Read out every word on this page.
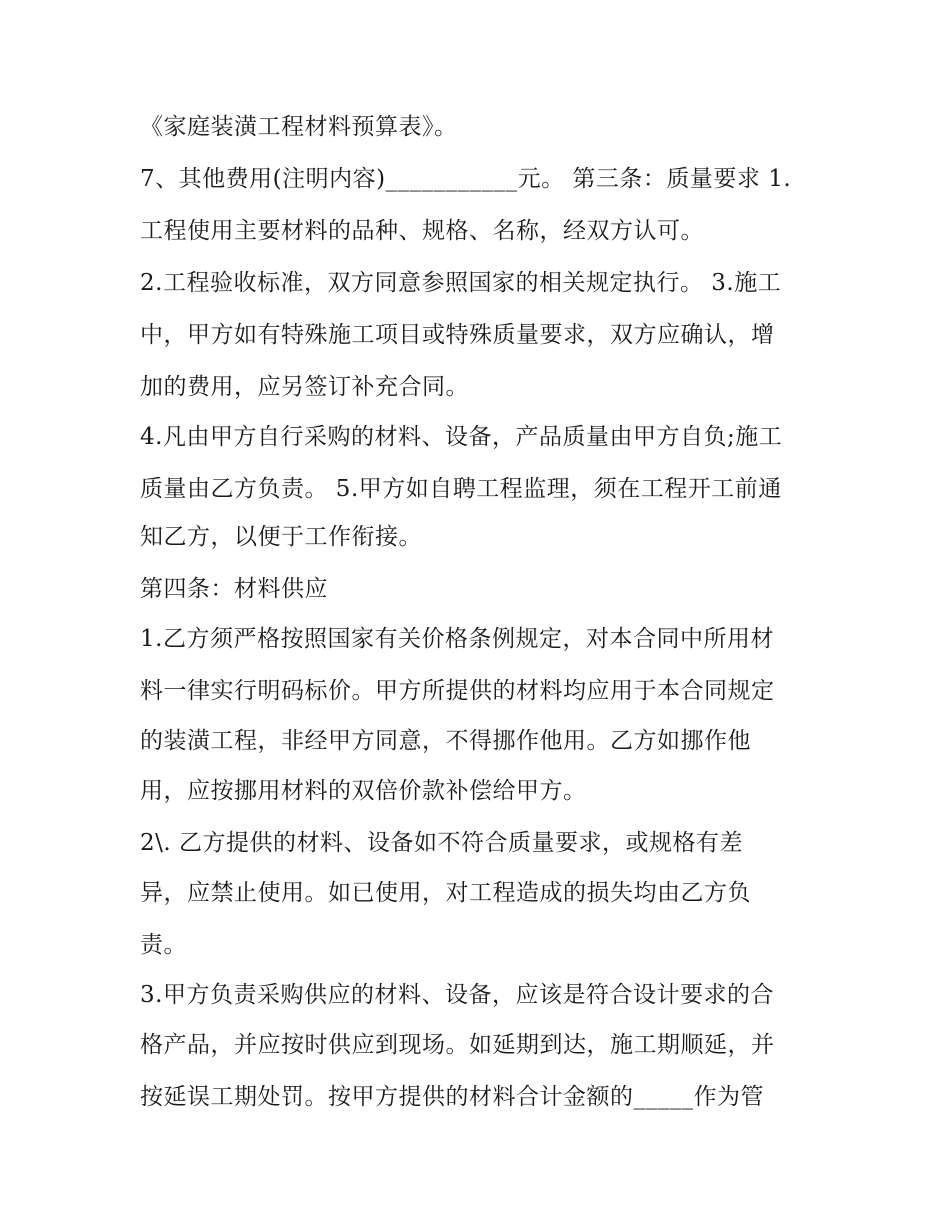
《家庭装潢工程材料预算表》。
7、其他费用(注明内容)___________元。 第三条：质量要求 1.
工程使用主要材料的品种、规格、名称，经双方认可。
2.工程验收标准，双方同意参照国家的相关规定执行。 3.施工
中，甲方如有特殊施工项目或特殊质量要求，双方应确认，增
加的费用，应另签订补充合同。
4.凡由甲方自行采购的材料、设备，产品质量由甲方自负;施工
质量由乙方负责。 5.甲方如自聘工程监理，须在工程开工前通
知乙方，以便于工作衔接。
第四条：材料供应
1.乙方须严格按照国家有关价格条例规定，对本合同中所用材
料一律实行明码标价。甲方所提供的材料均应用于本合同规定
的装潢工程，非经甲方同意，不得挪作他用。乙方如挪作他
用，应按挪用材料的双倍价款补偿给甲方。
2\. 乙方提供的材料、设备如不符合质量要求，或规格有差
异，应禁止使用。如已使用，对工程造成的损失均由乙方负
责。
3.甲方负责采购供应的材料、设备，应该是符合设计要求的合
格产品，并应按时供应到现场。如延期到达，施工期顺延，并
按延误工期处罚。按甲方提供的材料合计金额的_____作为管
